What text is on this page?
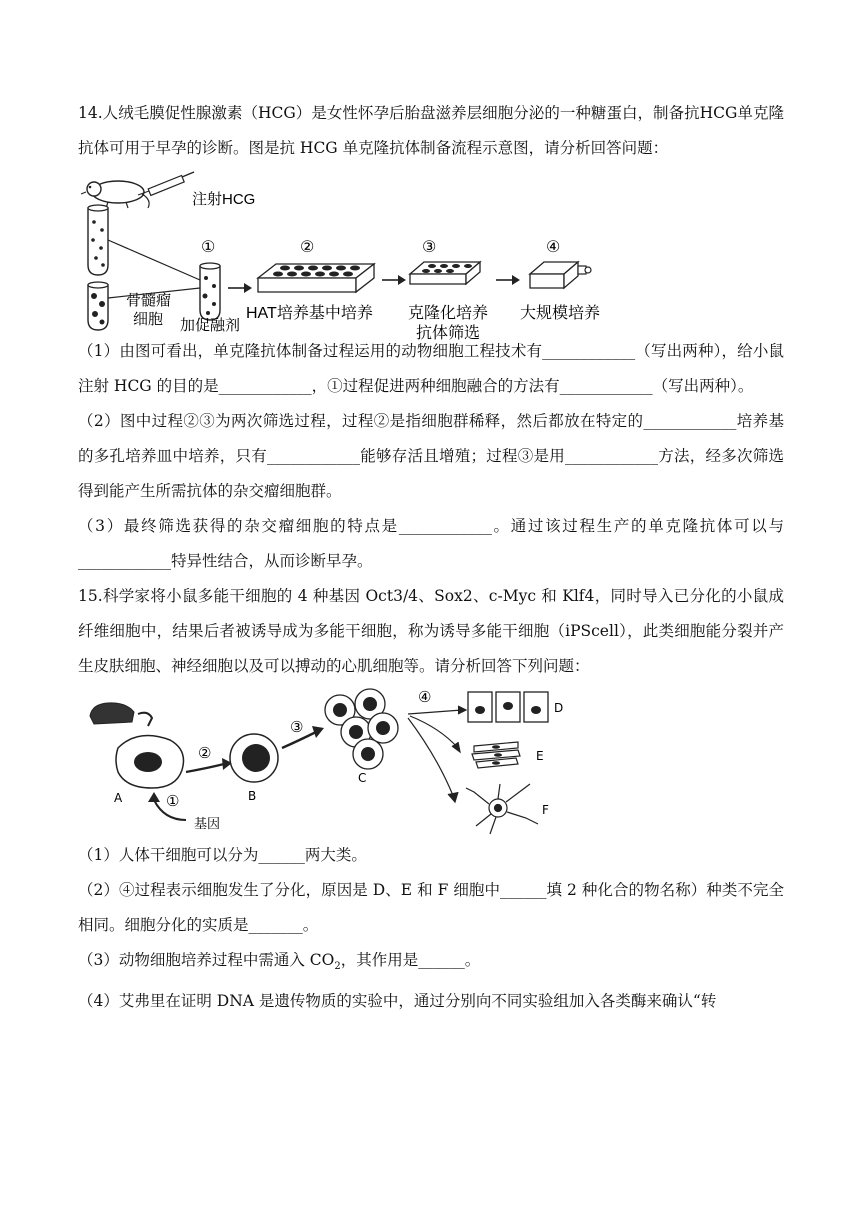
14.人绒毛膜促性腺激素（HCG）是女性怀孕后胎盘滋养层细胞分泌的一种糖蛋白，制备抗HCG单克隆抗体可用于早孕的诊断。图是抗 HCG 单克隆抗体制备流程示意图，请分析回答问题：

注射HCG
骨髓瘤
细胞
①
加促融剂
②
HAT培养基中培养
③
克隆化培养
抗体筛选
④
大规模培养

（1）由图可看出，单克隆抗体制备过程运用的动物细胞工程技术有____________（写出两种），给小鼠注射 HCG 的目的是____________，①过程促进两种细胞融合的方法有____________（写出两种）。

（2）图中过程②③为两次筛选过程，过程②是指细胞群稀释，然后都放在特定的____________培养基的多孔培养皿中培养，只有____________能够存活且增殖；过程③是用____________方法，经多次筛选得到能产生所需抗体的杂交瘤细胞群。

（3）最终筛选获得的杂交瘤细胞的特点是____________。通过该过程生产的单克隆抗体可以与____________特异性结合，从而诊断早孕。

15.科学家将小鼠多能干细胞的 4 种基因 Oct3/4、Sox2、c-Myc 和 Klf4，同时导入已分化的小鼠成纤维细胞中，结果后者被诱导成为多能干细胞，称为诱导多能干细胞（iPScell），此类细胞能分裂并产生皮肤细胞、神经细胞以及可以搏动的心肌细胞等。请分析回答下列问题：

A	①
基因
②
B
③
C
④
D
E
F

（1）人体干细胞可以分为______两大类。

（2）④过程表示细胞发生了分化，原因是 D、E 和 F 细胞中______填 2 种化合的物名称）种类不完全相同。细胞分化的实质是_______。

（3）动物细胞培养过程中需通入 $CO_2$，其作用是______。

（4）艾弗里在证明 DNA 是遗传物质的实验中，通过分别向不同实验组加入各类酶来确认“转
